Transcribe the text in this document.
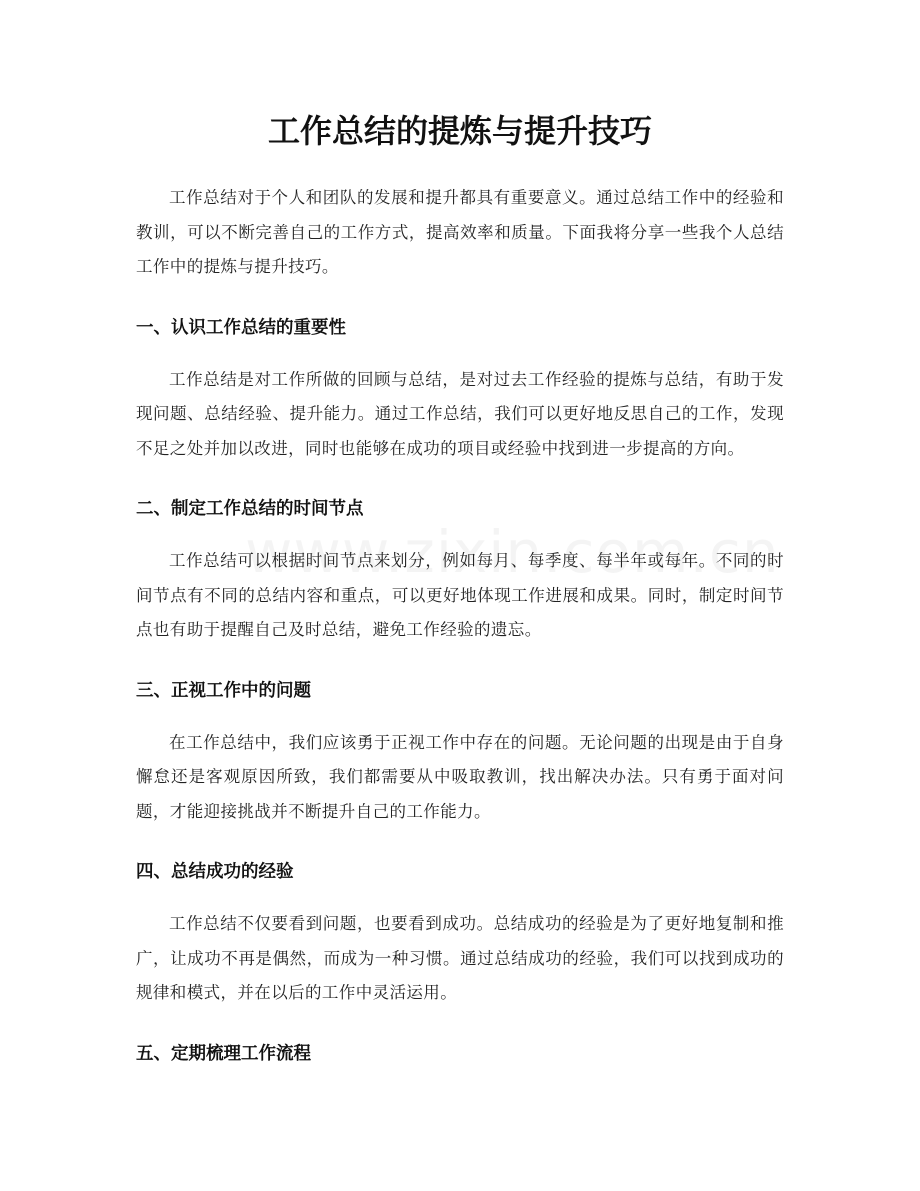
工作总结的提炼与提升技巧

工作总结对于个人和团队的发展和提升都具有重要意义。通过总结工作中的经验和教训，可以不断完善自己的工作方式，提高效率和质量。下面我将分享一些我个人总结工作中的提炼与提升技巧。

一、认识工作总结的重要性

工作总结是对工作所做的回顾与总结，是对过去工作经验的提炼与总结，有助于发现问题、总结经验、提升能力。通过工作总结，我们可以更好地反思自己的工作，发现不足之处并加以改进，同时也能够在成功的项目或经验中找到进一步提高的方向。

二、制定工作总结的时间节点

工作总结可以根据时间节点来划分，例如每月、每季度、每半年或每年。不同的时间节点有不同的总结内容和重点，可以更好地体现工作进展和成果。同时，制定时间节点也有助于提醒自己及时总结，避免工作经验的遗忘。

三、正视工作中的问题

在工作总结中，我们应该勇于正视工作中存在的问题。无论问题的出现是由于自身懈怠还是客观原因所致，我们都需要从中吸取教训，找出解决办法。只有勇于面对问题，才能迎接挑战并不断提升自己的工作能力。

四、总结成功的经验

工作总结不仅要看到问题，也要看到成功。总结成功的经验是为了更好地复制和推广，让成功不再是偶然，而成为一种习惯。通过总结成功的经验，我们可以找到成功的规律和模式，并在以后的工作中灵活运用。

五、定期梳理工作流程
